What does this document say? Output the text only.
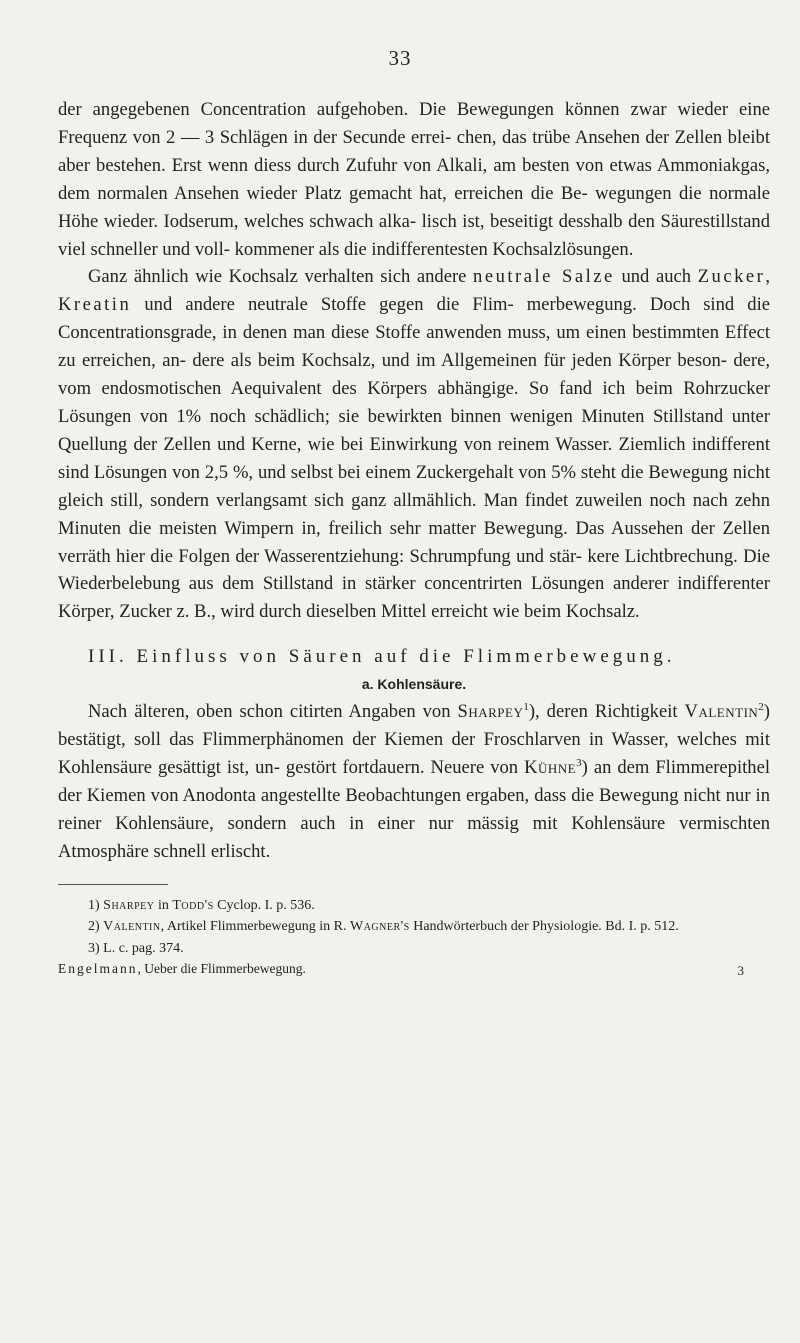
33

der angegebenen Concentration aufgehoben. Die Bewegungen können zwar wieder eine Frequenz von 2 — 3 Schlägen in der Secunde errei- chen, das trübe Ansehen der Zellen bleibt aber bestehen. Erst wenn diess durch Zufuhr von Alkali, am besten von etwas Ammoniakgas, dem normalen Ansehen wieder Platz gemacht hat, erreichen die Be- wegungen die normale Höhe wieder. Iodserum, welches schwach alka- lisch ist, beseitigt desshalb den Säurestillstand viel schneller und voll- kommener als die indifferentesten Kochsalzlösungen.

Ganz ähnlich wie Kochsalz verhalten sich andere neutrale Salze und auch Zucker, Kreatin und andere neutrale Stoffe gegen die Flim- merbewegung. Doch sind die Concentrationsgrade, in denen man diese Stoffe anwenden muss, um einen bestimmten Effect zu erreichen, an- dere als beim Kochsalz, und im Allgemeinen für jeden Körper beson- dere, vom endosmotischen Aequivalent des Körpers abhängige. So fand ich beim Rohrzucker Lösungen von 1% noch schädlich; sie bewirkten binnen wenigen Minuten Stillstand unter Quellung der Zellen und Kerne, wie bei Einwirkung von reinem Wasser. Ziemlich indifferent sind Lösungen von 2,5 %, und selbst bei einem Zuckergehalt von 5% steht die Bewegung nicht gleich still, sondern verlangsamt sich ganz allmählich. Man findet zuweilen noch nach zehn Minuten die meisten Wimpern in, freilich sehr matter Bewegung. Das Aussehen der Zellen verräth hier die Folgen der Wasserentziehung: Schrumpfung und stär- kere Lichtbrechung. Die Wiederbelebung aus dem Stillstand in stärker concentrirten Lösungen anderer indifferenter Körper, Zucker z. B., wird durch dieselben Mittel erreicht wie beim Kochsalz.

III. Einfluss von Säuren auf die Flimmerbewegung.
a. Kohlensäure.

Nach älteren, oben schon citirten Angaben von Sharpey$^1$), deren Richtigkeit Valentin$^2$) bestätigt, soll das Flimmerphänomen der Kiemen der Froschlarven in Wasser, welches mit Kohlensäure gesättigt ist, un- gestört fortdauern. Neuere von Kühne$^3$) an dem Flimmerepithel der Kiemen von Anodonta angestellte Beobachtungen ergaben, dass die Bewegung nicht nur in reiner Kohlensäure, sondern auch in einer nur mässig mit Kohlensäure vermischten Atmosphäre schnell erlischt.

1) Sharpey in Todd's Cyclop. I. p. 536.

2) Valentin, Artikel Flimmerbewegung in R. Wagner's Handwörterbuch der Physiologie. Bd. I. p. 512.

3) L. c. pag. 374.

Engelmann, Ueber die Flimmerbewegung.	3
